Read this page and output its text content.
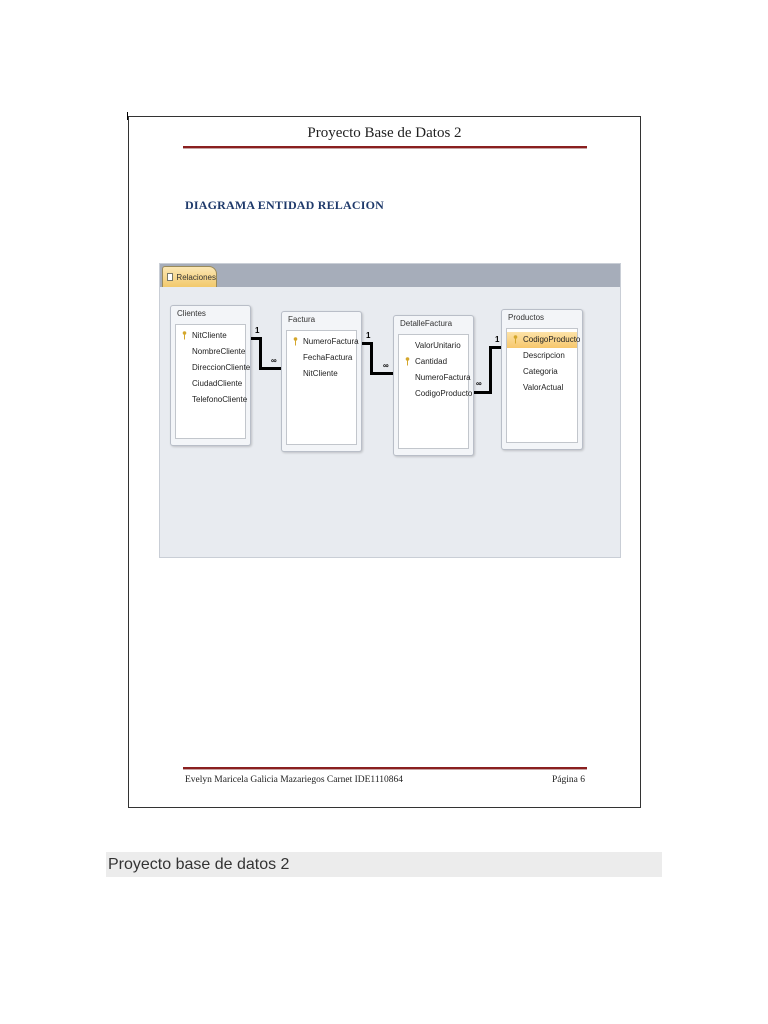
Proyecto Base de Datos 2
DIAGRAMA ENTIDAD RELACION
Relaciones
Clientes
NitCliente
NombreCliente
DireccionCliente
CiudadCliente
TelefonoCliente
Factura
NumeroFactura
FechaFactura
NitCliente
DetalleFactura
ValorUnitario
Cantidad
NumeroFactura
CodigoProducto
Productos
CodigoProducto
Descripcion
Categoria
ValorActual
1
∞
1
∞
1
∞
Evelyn Maricela Galicia Mazariegos Carnet IDE1110864	Página 6
Proyecto base de datos 2
